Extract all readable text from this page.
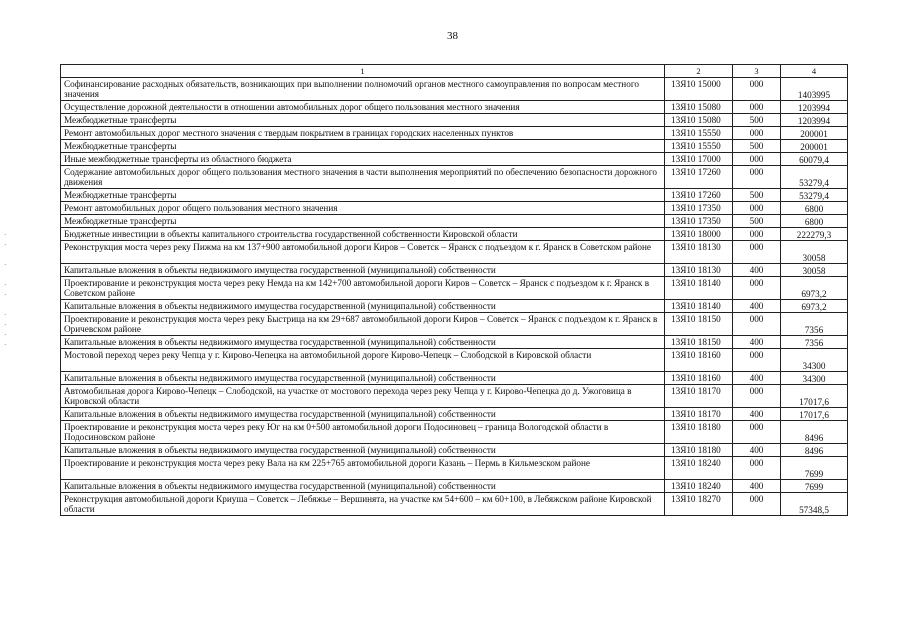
38
·
·

·

·
·

·
·
·
·
1	2	3	4
Софинансирование расходных обязательств, возникающих при выполнении полномочий органов местного самоуправления по вопросам местного значения	13Я10 15000	000	1403995
Осуществление дорожной деятельности в отношении автомобильных дорог общего пользования местного значения	13Я10 15080	000	1203994
Межбюджетные трансферты	13Я10 15080	500	1203994
Ремонт автомобильных дорог местного значения с твердым покрытием в границах городских населенных пунктов	13Я10 15550	000	200001
Межбюджетные трансферты	13Я10 15550	500	200001
Иные межбюджетные трансферты из областного бюджета	13Я10 17000	000	60079,4
Содержание автомобильных дорог общего пользования местного значения в части выполнения мероприятий по обеспечению безопасности дорожного движения	13Я10 17260	000	53279,4
Межбюджетные трансферты	13Я10 17260	500	53279,4
Ремонт автомобильных дорог общего пользования местного значения	13Я10 17350	000	6800
Межбюджетные трансферты	13Я10 17350	500	6800
Бюджетные инвестиции в объекты капитального строительства государственной собственности Кировской области	13Я10 18000	000	222279,3
Реконструкция моста через реку Пижма на км 137+900 автомобильной дороги Киров – Советск – Яранск с подъездом к г. Яранск в Советском районе	13Я10 18130	000	30058
Капитальные вложения в объекты недвижимого имущества государственной (муниципальной) собственности	13Я10 18130	400	30058
Проектирование и реконструкция моста через реку Немда на км 142+700 автомобильной дороги Киров – Советск – Яранск с подъездом к г. Яранск в Советском районе	13Я10 18140	000	6973,2
Капитальные вложения в объекты недвижимого имущества государственной (муниципальной) собственности	13Я10 18140	400	6973,2
Проектирование и реконструкция моста через реку Быстрица на км 29+687 автомобильной дороги Киров – Советск – Яранск с подъездом к г. Яранск в Оричевском районе	13Я10 18150	000	7356
Капитальные вложения в объекты недвижимого имущества государственной (муниципальной) собственности	13Я10 18150	400	7356
Мостовой переход через реку Чепца у г. Кирово-Чепецка на автомобильной дороге Кирово-Чепецк – Слободской в Кировской области	13Я10 18160	000	34300
Капитальные вложения в объекты недвижимого имущества государственной (муниципальной) собственности	13Я10 18160	400	34300
Автомобильная дорога Кирово-Чепецк – Слободской, на участке от мостового перехода через реку Чепца у г. Кирово-Чепецка до д. Ужоговица в Кировской области	13Я10 18170	000	17017,6
Капитальные вложения в объекты недвижимого имущества государственной (муниципальной) собственности	13Я10 18170	400	17017,6
Проектирование и реконструкция моста через реку Юг на км 0+500 автомобильной дороги Подосиновец – граница Вологодской области в Подосиновском районе	13Я10 18180	000	8496
Капитальные вложения в объекты недвижимого имущества государственной (муниципальной) собственности	13Я10 18180	400	8496
Проектирование и реконструкция моста через реку Вала на км 225+765 автомобильной дороги Казань – Пермь в Кильмезском районе	13Я10 18240	000	7699
Капитальные вложения в объекты недвижимого имущества государственной (муниципальной) собственности	13Я10 18240	400	7699
Реконструкция автомобильной дороги Криуша – Советск – Лебяжье – Вершинята, на участке км 54+600 – км 60+100, в Лебяжском районе Кировской области	13Я10 18270	000	57348,5
